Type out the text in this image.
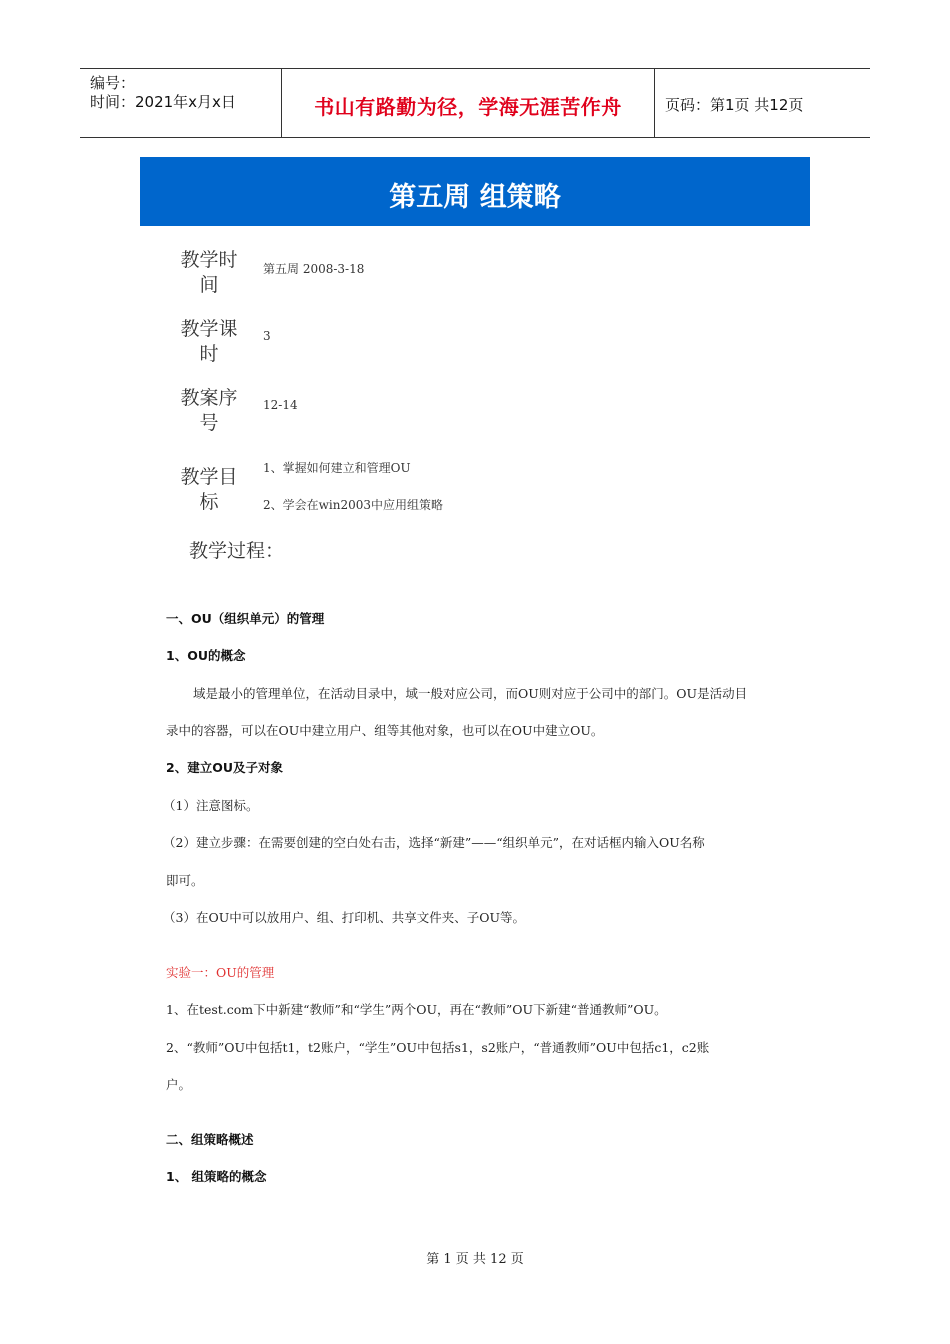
编号：
时间：2021年x月x日	书山有路勤为径，学海无涯苦作舟	页码：第1页 共12页
第五周 组策略
教学时间
第五周 2008-3-18
教学课时
3
教案序号
12-14
教学目标
1、掌握如何建立和管理OU
2、学会在win2003中应用组策略
教学过程：
一、OU（组织单元）的管理
1、OU的概念
域是最小的管理单位，在活动目录中，域一般对应公司，而OU则对应于公司中的部门。OU是活动目
录中的容器，可以在OU中建立用户、组等其他对象，也可以在OU中建立OU。
2、建立OU及子对象
（1）注意图标。
（2）建立步骤：在需要创建的空白处右击，选择“新建”——“组织单元”，在对话框内输入OU名称
即可。
（3）在OU中可以放用户、组、打印机、共享文件夹、子OU等。
实验一：OU的管理
1、在test.com下中新建“教师”和“学生”两个OU，再在“教师”OU下新建“普通教师”OU。
2、“教师”OU中包括t1，t2账户，“学生”OU中包括s1，s2账户，“普通教师”OU中包括c1，c2账
户。
二、组策略概述
1、 组策略的概念
第 1 页 共 12 页
